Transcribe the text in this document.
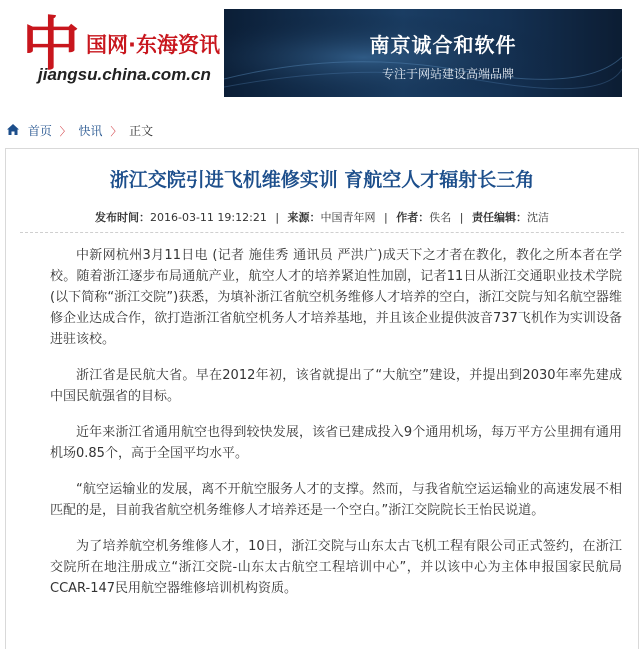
中 国网·东海资讯
jiangsu.china.com.cn
南京诚合和软件
专注于网站建设高端品牌
首页 〉 快讯 〉 正文
浙江交院引进飞机维修实训 育航空人才辐射长三角
发布时间：2016-03-11 19:12:21 | 来源：中国青年网 | 作者：佚名 | 责任编辑：沈洁

中新网杭州3月11日电 (记者 施佳秀 通讯员 严洪广)成天下之才者在教化，教化之所本者在学校。随着浙江逐步布局通航产业，航空人才的培养紧迫性加剧，记者11日从浙江交通职业技术学院(以下简称“浙江交院”)获悉，为填补浙江省航空机务维修人才培养的空白，浙江交院与知名航空器维修企业达成合作，欲打造浙江省航空机务人才培养基地，并且该企业提供波音737飞机作为实训设备进驻该校。

浙江省是民航大省。早在2012年初，该省就提出了“大航空”建设，并提出到2030年率先建成中国民航强省的目标。

近年来浙江省通用航空也得到较快发展，该省已建成投入9个通用机场，每万平方公里拥有通用机场0.85个，高于全国平均水平。

“航空运输业的发展，离不开航空服务人才的支撑。然而，与我省航空运运输业的高速发展不相匹配的是，目前我省航空机务维修人才培养还是一个空白。”浙江交院院长王怡民说道。

为了培养航空机务维修人才，10日，浙江交院与山东太古飞机工程有限公司正式签约，在浙江交院所在地注册成立“浙江交院-山东太古航空工程培训中心”，并以该中心为主体申报国家民航局CCAR-147民用航空器维修培训机构资质。
